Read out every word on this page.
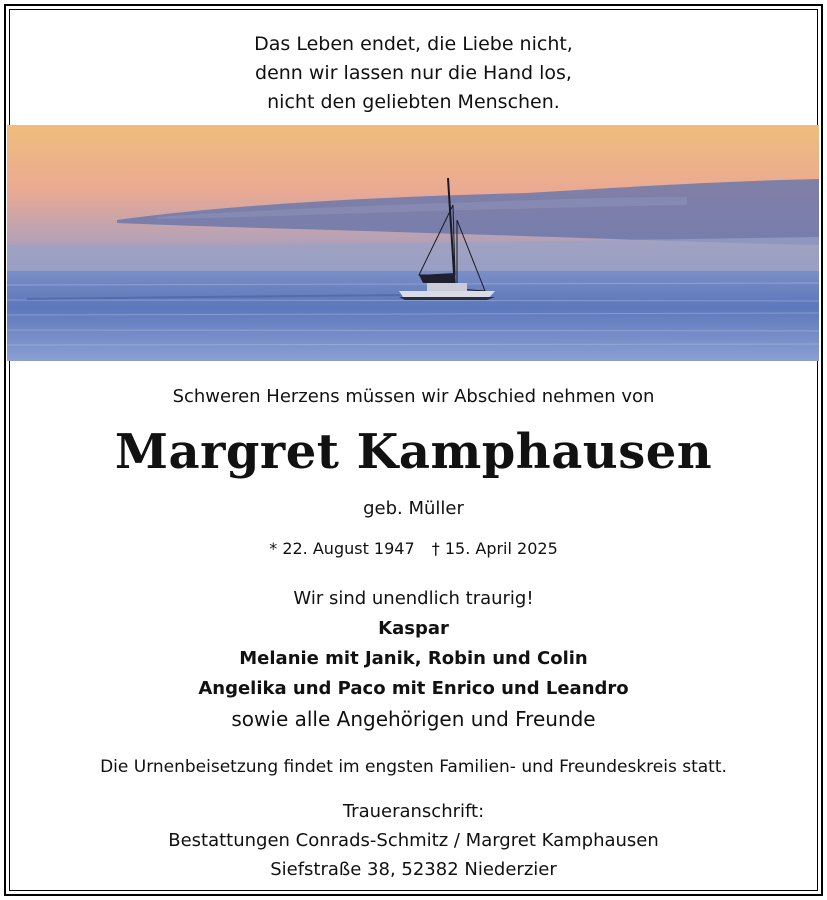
Das Leben endet, die Liebe nicht,
denn wir lassen nur die Hand los,
nicht den geliebten Menschen.
Schweren Herzens müssen wir Abschied nehmen von
Margret Kamphausen
geb. Müller
* 22. August 1947 † 15. April 2025
Wir sind unendlich traurig!
Kaspar
Melanie mit Janik, Robin und Colin
Angelika und Paco mit Enrico und Leandro
sowie alle Angehörigen und Freunde
Die Urnenbeisetzung findet im engsten Familien- und Freundeskreis statt.
Traueranschrift:
Bestattungen Conrads-Schmitz / Margret Kamphausen
Siefstraße 38, 52382 Niederzier
